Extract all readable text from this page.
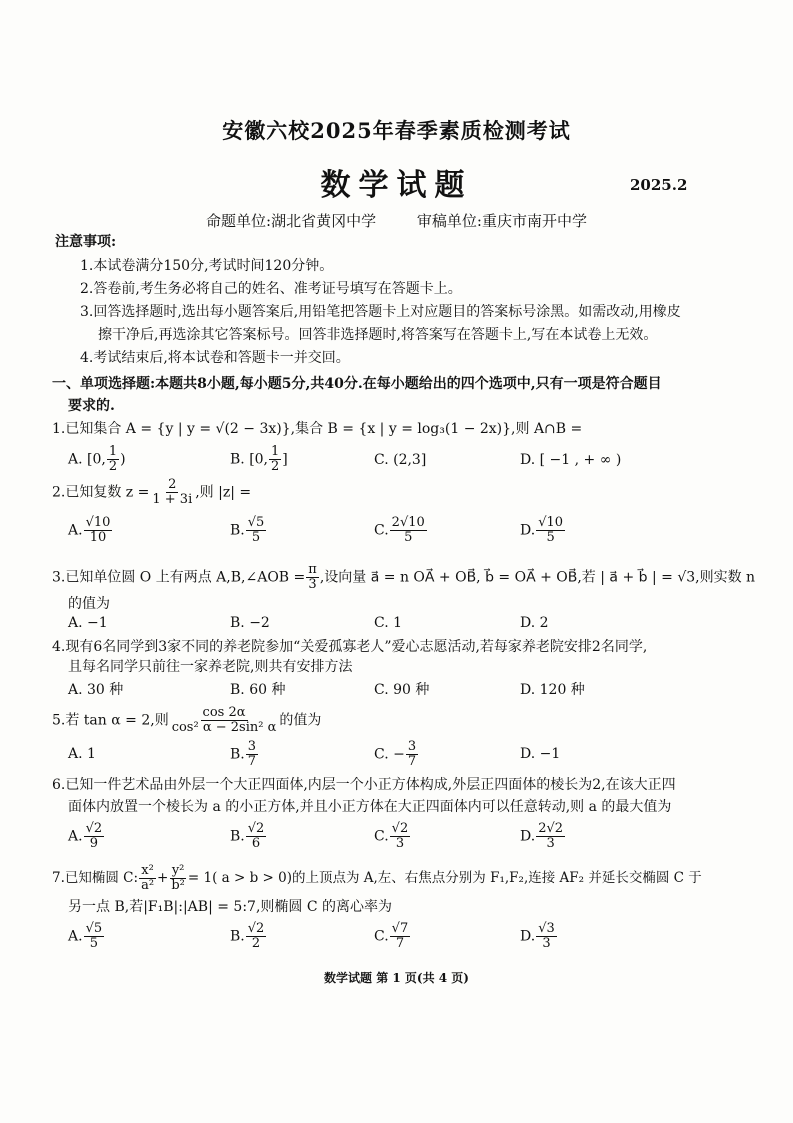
安徽六校2025年春季素质检测考试
数学试题	2025.2
命题单位:湖北省黄冈中学	审稿单位:重庆市南开中学
注意事项:
1.本试卷满分150分,考试时间120分钟。
2.答卷前,考生务必将自己的姓名、准考证号填写在答题卡上。
3.回答选择题时,选出每小题答案后,用铅笔把答题卡上对应题目的答案标号涂黑。如需改动,用橡皮
擦干净后,再选涂其它答案标号。回答非选择题时,将答案写在答题卡上,写在本试卷上无效。
4.考试结束后,将本试卷和答题卡一并交回。
一、单项选择题:本题共8小题,每小题5分,共40分.在每小题给出的四个选项中,只有一项是符合题目
要求的.
1.已知集合 A = {y | y = √(2 − 3x)},集合 B = {x | y = log₃(1 − 2x)},则 A∩B =
A. [0, $\frac{1}{2}$ )	B. [0, $\frac{1}{2}$ ]	C. (2,3]	D. [ −1 , + ∞ )
2.已知复数 $z = \frac{2}{1 + 3i}$ ,则 |z| =
A. $\frac{√10}{10}$	B. $\frac{√5}{5}$	C. $\frac{2√10}{5}$	D. $\frac{√10}{5}$
3.已知单位圆 O 上有两点 A,B,∠AOB = $\frac{\pi}{3}$ ,设向量 a⃗ = n OA⃗ + OB⃗, b⃗ = OA⃗ + OB⃗,若 | a⃗ + b⃗ | = √3,则实数 n
的值为
A. −1	B. −2	C. 1	D. 2
4.现有6名同学到3家不同的养老院参加“关爱孤寡老人”爱心志愿活动,若每家养老院安排2名同学,
且每名同学只前往一家养老院,则共有安排方法
A. 30 种	B. 60 种	C. 90 种	D. 120 种
5.若 tan α = 2,则 $\frac{\cos 2\alpha}{\text{cos² α − 2sin² α}}$ 的值为
A. 1	B. $\frac{3}{7}$	C. − $\frac{3}{7}$	D. −1
6.已知一件艺术品由外层一个大正四面体,内层一个小正方体构成,外层正四面体的棱长为2,在该大正四
面体内放置一个棱长为 a 的小正方体,并且小正方体在大正四面体内可以任意转动,则 a 的最大值为
A. $\frac{√2}{9}$	B. $\frac{√2}{6}$	C. $\frac{√2}{3}$	D. $\frac{2√2}{3}$
7.已知椭圆 C: $\frac{\text{x²}}{\text{a²}} + \frac{\text{y²}}{\text{b²}} = 1$( a > b > 0)的上顶点为 A,左、右焦点分别为 F₁,F₂,连接 AF₂ 并延长交椭圆 C 于
另一点 B,若|F₁B|:|AB| = 5:7,则椭圆 C 的离心率为
A. $\frac{√5}{5}$	B. $\frac{√2}{2}$	C. $\frac{√7}{7}$	D. $\frac{√3}{3}$
数学试题 第 1 页(共 4 页)
